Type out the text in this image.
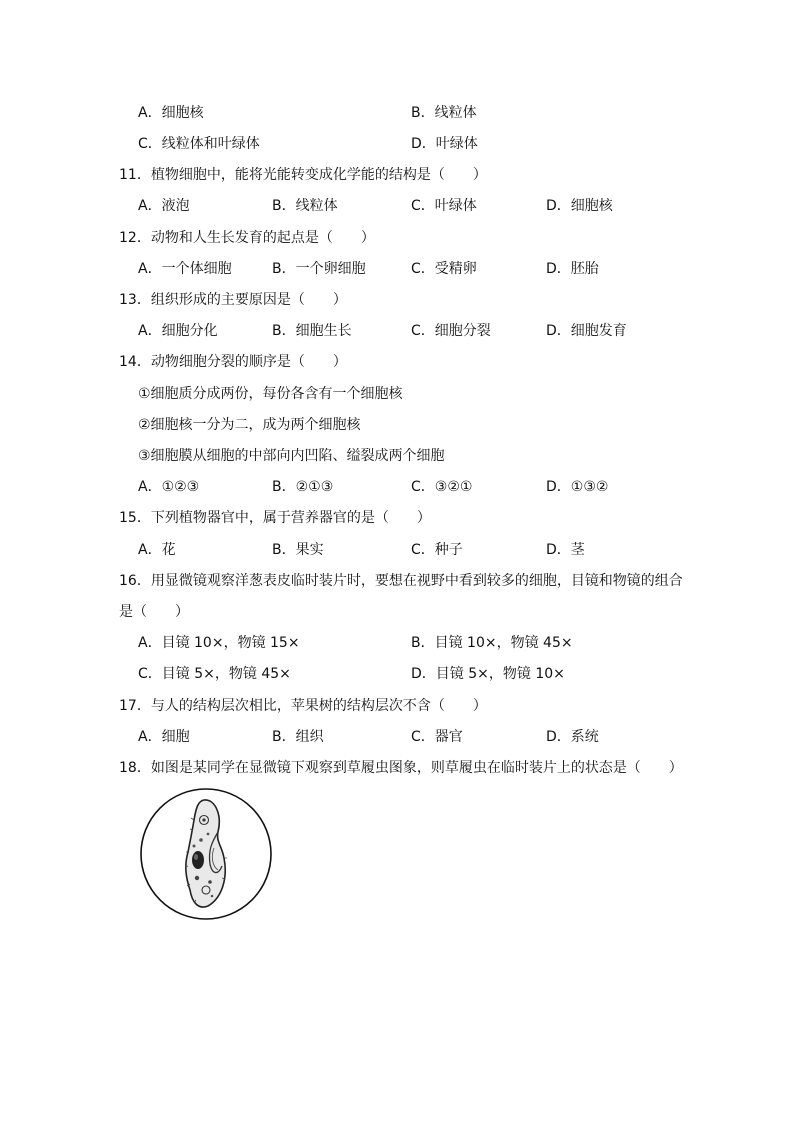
A．细胞核	B．线粒体
C．线粒体和叶绿体	D．叶绿体
11．植物细胞中，能将光能转变成化学能的结构是（　　）
A．液泡	B．线粒体	C．叶绿体	D．细胞核
12．动物和人生长发育的起点是（　　）
A．一个体细胞	B．一个卵细胞	C．受精卵	D．胚胎
13．组织形成的主要原因是（　　）
A．细胞分化	B．细胞生长	C．细胞分裂	D．细胞发育
14．动物细胞分裂的顺序是（　　）
①细胞质分成两份，每份各含有一个细胞核
②细胞核一分为二，成为两个细胞核
③细胞膜从细胞的中部向内凹陷、缢裂成两个细胞
A．①②③	B．②①③	C．③②①	D．①③②
15．下列植物器官中，属于营养器官的是（　　）
A．花	B．果实	C．种子	D．茎
16．用显微镜观察洋葱表皮临时装片时，要想在视野中看到较多的细胞，目镜和物镜的组合
是（　　）
A．目镜 10×，物镜 15×	B．目镜 10×，物镜 45×
C．目镜 5×，物镜 45×	D．目镜 5×，物镜 10×
17．与人的结构层次相比，苹果树的结构层次不含（　　）
A．细胞	B．组织	C．器官	D．系统
18．如图是某同学在显微镜下观察到草履虫图象，则草履虫在临时装片上的状态是（　　）
